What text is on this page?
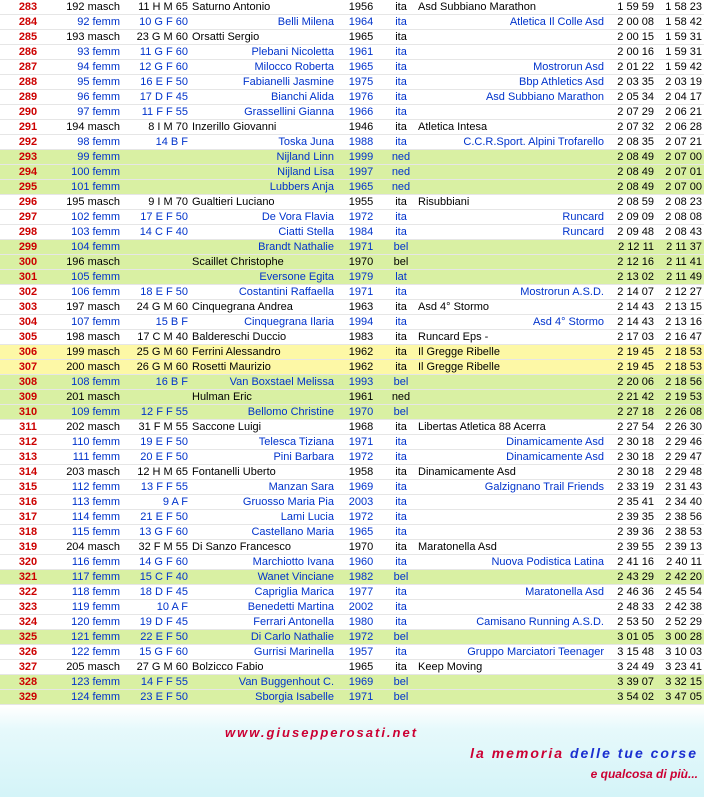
283	192 masch	11 H M 65	Saturno Antonio	1956	ita	Asd Subbiano Marathon	1 59 59	1 58 23
284	92 femm	10 G F 60	Belli Milena	1964	ita	Atletica Il Colle Asd	2 00 08	1 58 42
285	193 masch	23 G M 60	Orsatti Sergio	1965	ita		2 00 15	1 59 31
286	93 femm	11 G F 60	Plebani Nicoletta	1961	ita		2 00 16	1 59 31
287	94 femm	12 G F 60	Milocco Roberta	1965	ita	Mostrorun Asd	2 01 22	1 59 42
288	95 femm	16 E F 50	Fabianelli Jasmine	1975	ita	Bbp Athletics Asd	2 03 35	2 03 19
289	96 femm	17 D F 45	Bianchi Alida	1976	ita	Asd Subbiano Marathon	2 05 34	2 04 17
290	97 femm	11 F F 55	Grassellini Gianna	1966	ita		2 07 29	2 06 21
291	194 masch	8 I M 70	Inzerillo Giovanni	1946	ita	Atletica Intesa	2 07 32	2 06 28
292	98 femm	14 B F	Toska Juna	1988	ita	C.C.R.Sport. Alpini Trofarello	2 08 35	2 07 21
293	99 femm		Nijland Linn	1999	ned		2 08 49	2 07 00
294	100 femm		Nijland Lisa	1997	ned		2 08 49	2 07 01
295	101 femm		Lubbers Anja	1965	ned		2 08 49	2 07 00
296	195 masch	9 I M 70	Gualtieri Luciano	1955	ita	Risubbiani	2 08 59	2 08 23
297	102 femm	17 E F 50	De Vora Flavia	1972	ita	Runcard	2 09 09	2 08 08
298	103 femm	14 C F 40	Ciatti Stella	1984	ita	Runcard	2 09 48	2 08 43
299	104 femm		Brandt Nathalie	1971	bel		2 12 11	2 11 37
300	196 masch		Scaillet Christophe	1970	bel		2 12 16	2 11 41
301	105 femm		Eversone Egita	1979	lat		2 13 02	2 11 49
302	106 femm	18 E F 50	Costantini Raffaella	1971	ita	Mostrorun A.S.D.	2 14 07	2 12 27
303	197 masch	24 G M 60	Cinquegrana Andrea	1963	ita	Asd 4° Stormo	2 14 43	2 13 15
304	107 femm	15 B F	Cinquegrana Ilaria	1994	ita	Asd 4° Stormo	2 14 43	2 13 16
305	198 masch	17 C M 40	Baldereschi Duccio	1983	ita	Runcard Eps -	2 17 03	2 16 47
306	199 masch	25 G M 60	Ferrini Alessandro	1962	ita	Il Gregge Ribelle	2 19 45	2 18 53
307	200 masch	26 G M 60	Rosetti Maurizio	1962	ita	Il Gregge Ribelle	2 19 45	2 18 53
308	108 femm	16 B F	Van Boxstael Melissa	1993	bel		2 20 06	2 18 56
309	201 masch		Hulman Eric	1961	ned		2 21 42	2 19 53
310	109 femm	12 F F 55	Bellomo Christine	1970	bel		2 27 18	2 26 08
311	202 masch	31 F M 55	Saccone Luigi	1968	ita	Libertas Atletica 88 Acerra	2 27 54	2 26 30
312	110 femm	19 E F 50	Telesca Tiziana	1971	ita	Dinamicamente Asd	2 30 18	2 29 46
313	111 femm	20 E F 50	Pini Barbara	1972	ita	Dinamicamente Asd	2 30 18	2 29 47
314	203 masch	12 H M 65	Fontanelli Uberto	1958	ita	Dinamicamente Asd	2 30 18	2 29 48
315	112 femm	13 F F 55	Manzan Sara	1969	ita	Galzignano Trail Friends	2 33 19	2 31 43
316	113 femm	9 A F	Gruosso Maria Pia	2003	ita		2 35 41	2 34 40
317	114 femm	21 E F 50	Lami Lucia	1972	ita		2 39 35	2 38 56
318	115 femm	13 G F 60	Castellano Maria	1965	ita		2 39 36	2 38 53
319	204 masch	32 F M 55	Di Sanzo Francesco	1970	ita	Maratonella Asd	2 39 55	2 39 13
320	116 femm	14 G F 60	Marchiotto Ivana	1960	ita	Nuova Podistica Latina	2 41 16	2 40 11
321	117 femm	15 C F 40	Wanet Vinciane	1982	bel		2 43 29	2 42 20
322	118 femm	18 D F 45	Capriglia Marica	1977	ita	Maratonella Asd	2 46 36	2 45 54
323	119 femm	10 A F	Benedetti Martina	2002	ita		2 48 33	2 42 38
324	120 femm	19 D F 45	Ferrari Antonella	1980	ita	Camisano Running A.S.D.	2 53 50	2 52 29
325	121 femm	22 E F 50	Di Carlo Nathalie	1972	bel		3 01 05	3 00 28
326	122 femm	15 G F 60	Gurrisi Marinella	1957	ita	Gruppo Marciatori Teenager	3 15 48	3 10 03
327	205 masch	27 G M 60	Bolzicco Fabio	1965	ita	Keep Moving	3 24 49	3 23 41
328	123 femm	14 F F 55	Van Buggenhout C.	1969	bel		3 39 07	3 32 15
329	124 femm	23 E F 50	Sborgia Isabelle	1971	bel		3 54 02	3 47 05
www.giusepperosati.net
la memoria delle tue corse
e qualcosa di più...
